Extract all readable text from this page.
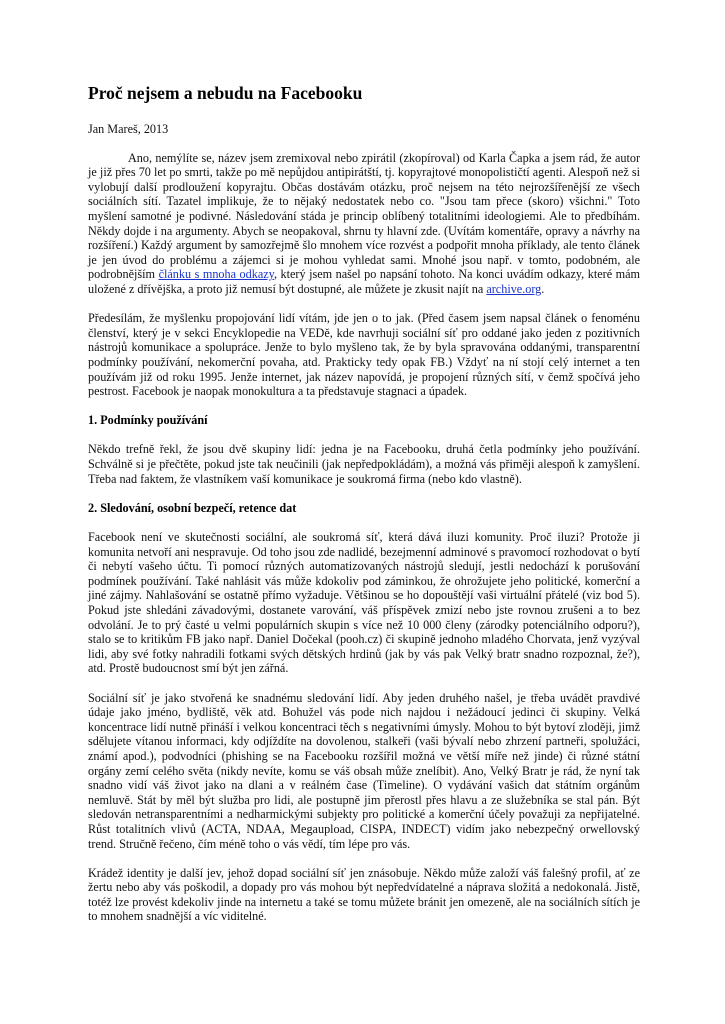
Proč nejsem a nebudu na Facebooku

Jan Mareš, 2013

Ano, nemýlíte se, název jsem zremixoval nebo zpirátil (zkopíroval) od Karla Čapka a jsem rád, že autor je již přes 70 let po smrti, takže po mě nepůjdou antipirátští, tj. kopyrajtové monopolističtí agenti. Alespoň než si vylobují další prodloužení kopyrajtu. Občas dostávám otázku, proč nejsem na této nejrozšířenější ze všech sociálních sítí. Tazatel implikuje, že to nějaký nedostatek nebo co. "Jsou tam přece (skoro) všichni." Toto myšlení samotné je podivné. Následování stáda je princip oblíbený totalitními ideologiemi. Ale to předbíhám. Někdy dojde i na argumenty. Abych se neopakoval, shrnu ty hlavní zde. (Uvítám komentáře, opravy a návrhy na rozšíření.) Každý argument by samozřejmě šlo mnohem více rozvést a podpořit mnoha příklady, ale tento článek je jen úvod do problému a zájemci si je mohou vyhledat sami. Mnohé jsou např. v tomto, podobném, ale podrobnějším článku s mnoha odkazy, který jsem našel po napsání tohoto. Na konci uvádím odkazy, které mám uložené z dřívějška, a proto již nemusí být dostupné, ale můžete je zkusit najít na archive.org.

Předesílám, že myšlenku propojování lidí vítám, jde jen o to jak. (Před časem jsem napsal článek o fenoménu členství, který je v sekci Encyklopedie na VEDě, kde navrhuji sociální síť pro oddané jako jeden z pozitivních nástrojů komunikace a spolupráce. Jenže to bylo myšleno tak, že by byla spravována oddanými, transparentní podmínky používání, nekomerční povaha, atd. Prakticky tedy opak FB.) Vždyť na ní stojí celý internet a ten používám již od roku 1995. Jenže internet, jak název napovídá, je propojení různých sítí, v čemž spočívá jeho pestrost. Facebook je naopak monokultura a ta představuje stagnaci a úpadek.

1. Podmínky používání

Někdo trefně řekl, že jsou dvě skupiny lidí: jedna je na Facebooku, druhá četla podmínky jeho používání. Schválně si je přečtěte, pokud jste tak neučinili (jak nepředpokládám), a možná vás přiměji alespoň k zamyšlení. Třeba nad faktem, že vlastníkem vaší komunikace je soukromá firma (nebo kdo vlastně).

2. Sledování, osobní bezpečí, retence dat

Facebook není ve skutečnosti sociální, ale soukromá síť, která dává iluzi komunity. Proč iluzi? Protože ji komunita netvoří ani nespravuje. Od toho jsou zde nadlidé, bezejmenní adminové s pravomocí rozhodovat o bytí či nebytí vašeho účtu. Ti pomocí různých automatizovaných nástrojů sledují, jestli nedochází k porušování podmínek používání. Také nahlásit vás může kdokoliv pod záminkou, že ohrožujete jeho politické, komerční a jiné zájmy. Nahlašování se ostatně přímo vyžaduje. Většinou se ho dopouštějí vaši virtuální přátelé (viz bod 5). Pokud jste shledáni závadovými, dostanete varování, váš příspěvek zmizí nebo jste rovnou zrušeni a to bez odvolání. Je to prý časté u velmi populárních skupin s více než 10 000 členy (zárodky potenciálního odporu?), stalo se to kritikům FB jako např. Daniel Dočekal (pooh.cz) či skupině jednoho mladého Chorvata, jenž vyzýval lidi, aby své fotky nahradili fotkami svých dětských hrdinů (jak by vás pak Velký bratr snadno rozpoznal, že?), atd. Prostě budoucnost smí být jen zářná.

Sociální síť je jako stvořená ke snadnému sledování lidí. Aby jeden druhého našel, je třeba uvádět pravdivé údaje jako jméno, bydliště, věk atd. Bohužel vás pode nich najdou i nežádoucí jedinci či skupiny. Velká koncentrace lidí nutně přináší i velkou koncentraci těch s negativními úmysly. Mohou to být bytoví zloději, jimž sdělujete vítanou informaci, kdy odjíždíte na dovolenou, stalkeři (vaši bývalí nebo zhrzení partneři, spolužáci, známí apod.), podvodníci (phishing se na Facebooku rozšířil možná ve větší míře než jinde) či různé státní orgány zemí celého světa (nikdy nevíte, komu se váš obsah může znelíbit). Ano, Velký Bratr je rád, že nyní tak snadno vidí váš život jako na dlani a v reálném čase (Timeline). O vydávání vašich dat státním orgánům nemluvě. Stát by měl být služba pro lidi, ale postupně jim přerostl přes hlavu a ze služebníka se stal pán. Být sledován netransparentními a nedharmickými subjekty pro politické a komerční účely považuji za nepřijatelné. Růst totalitních vlivů (ACTA, NDAA, Megaupload, CISPA, INDECT) vidím jako nebezpečný orwellovský trend. Stručně řečeno, čím méně toho o vás vědí, tím lépe pro vás.

Krádež identity je další jev, jehož dopad sociální síť jen znásobuje. Někdo může založí váš falešný profil, ať ze žertu nebo aby vás poškodil, a dopady pro vás mohou být nepředvídatelné a náprava složitá a nedokonalá. Jistě, totéž lze provést kdekoliv jinde na internetu a také se tomu můžete bránit jen omezeně, ale na sociálních sítích je to mnohem snadnější a víc viditelné.
